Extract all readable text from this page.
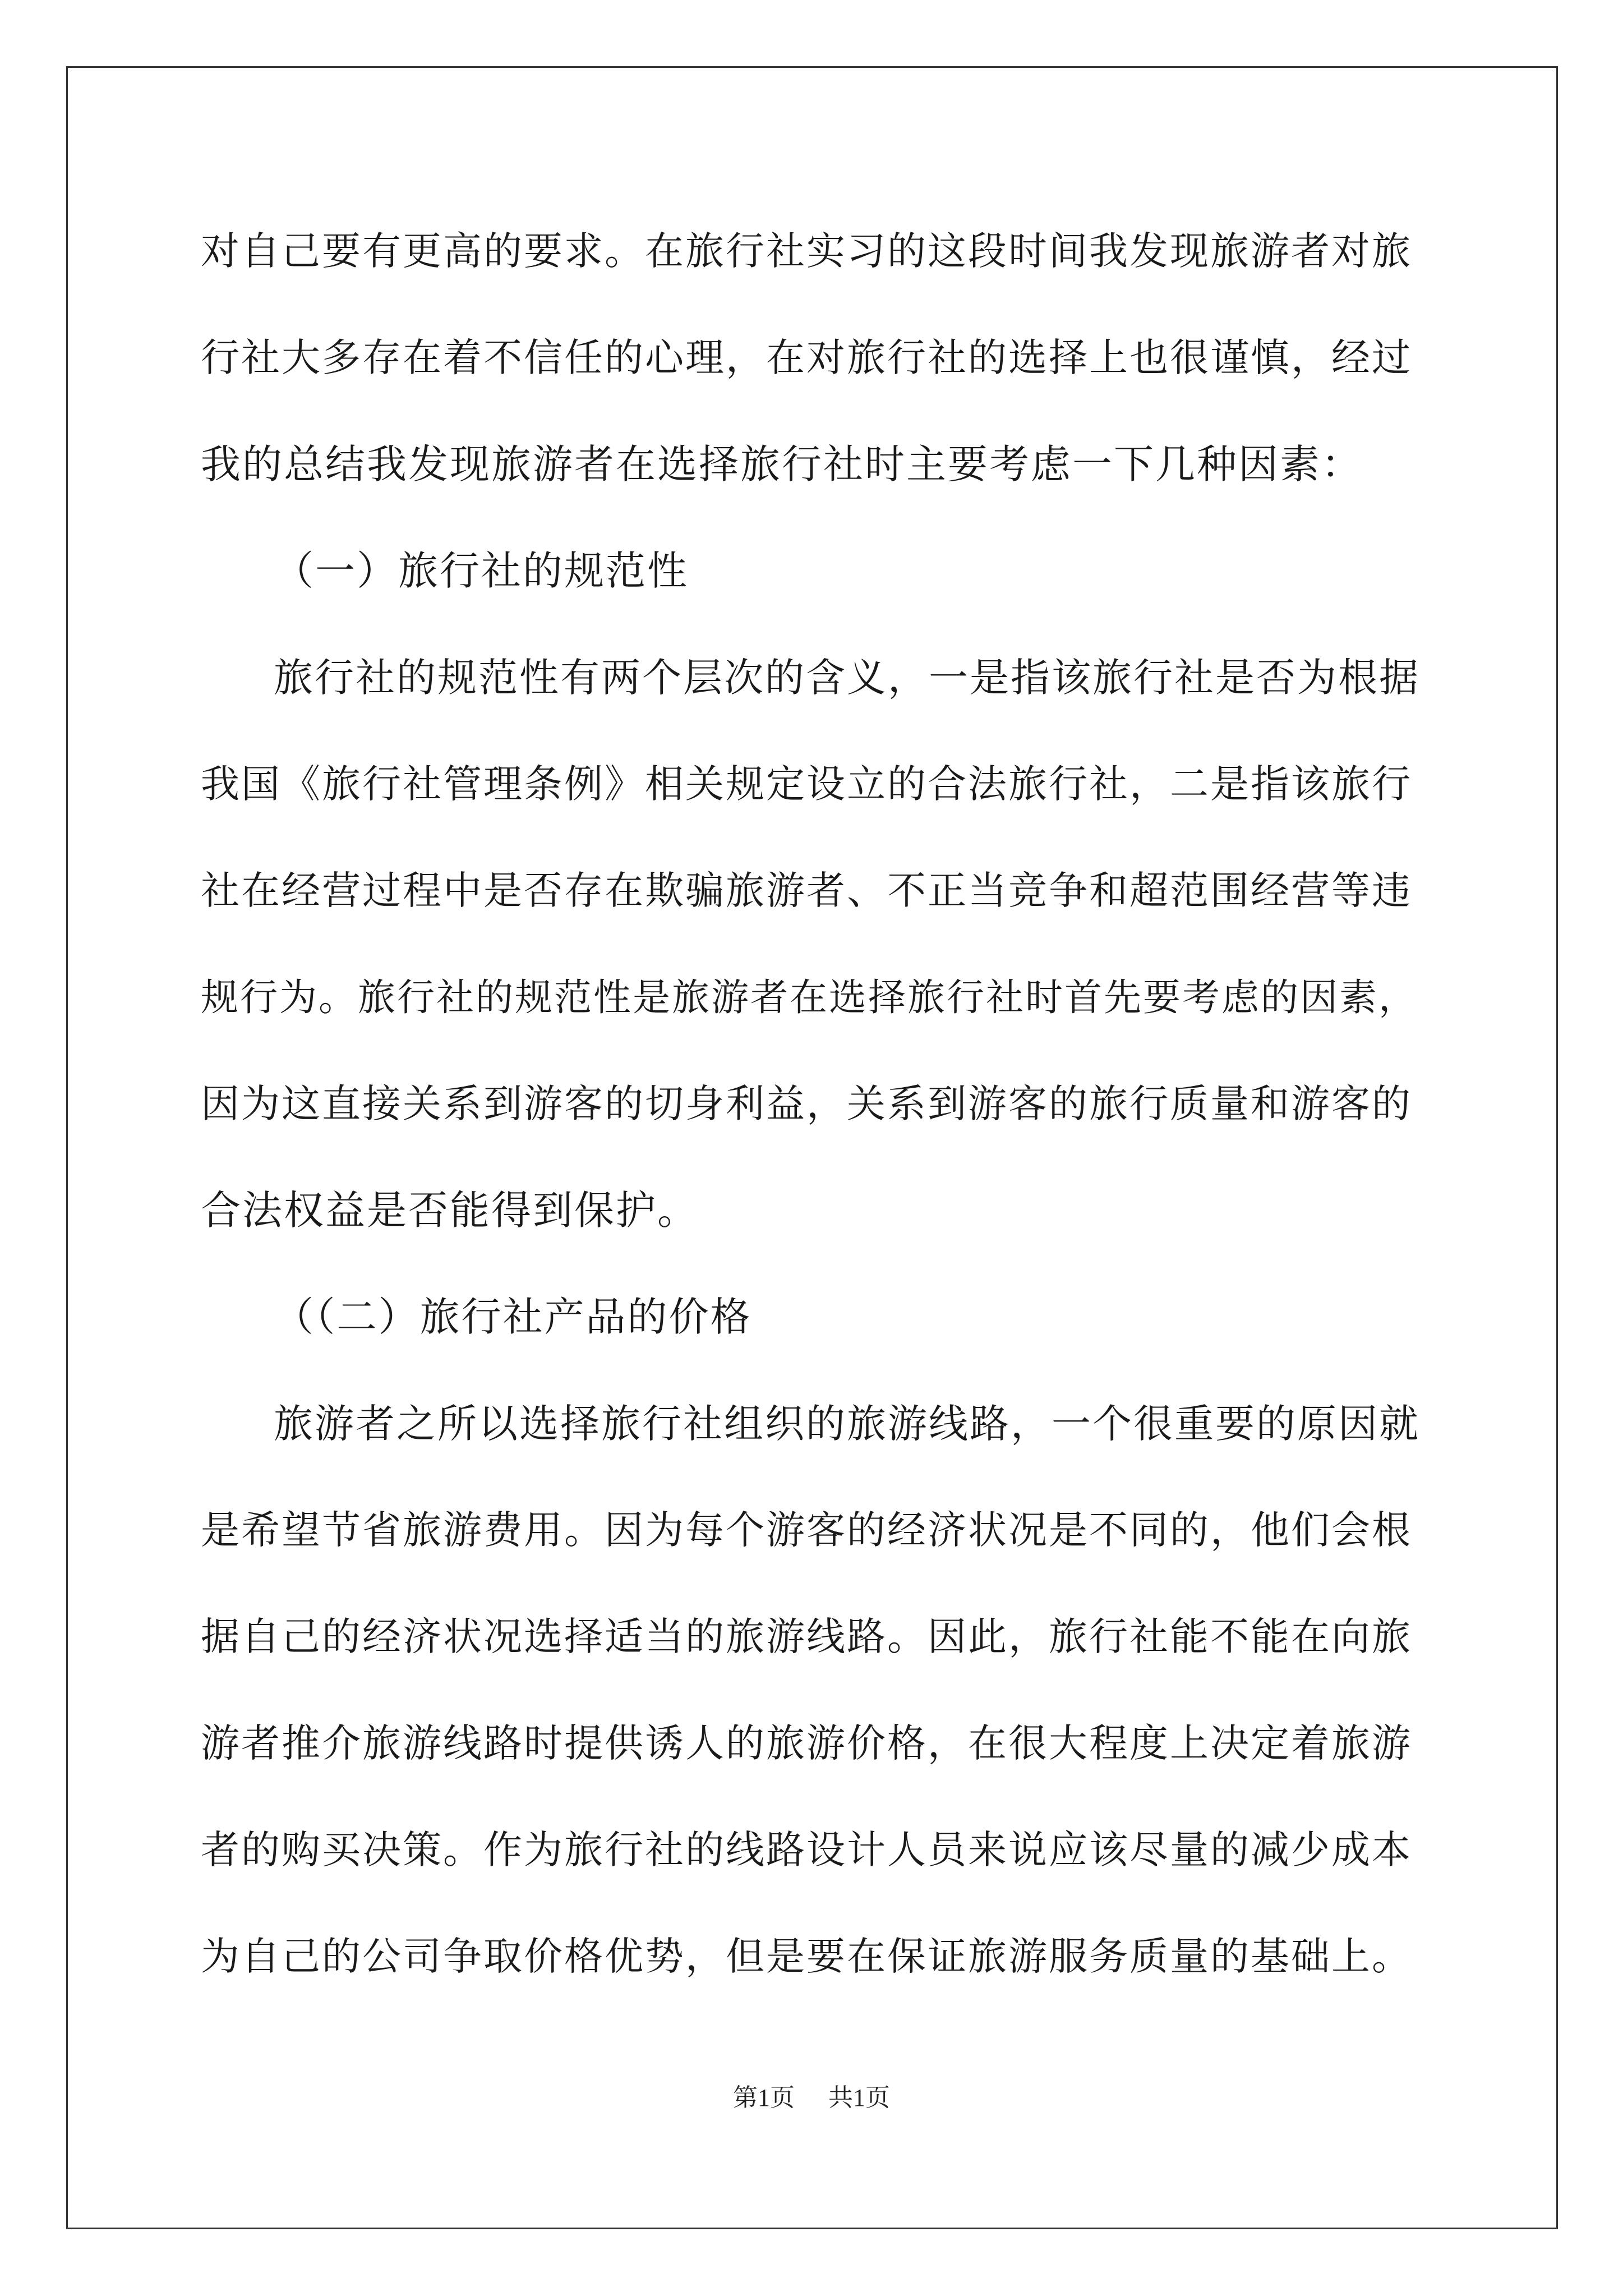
对自己要有更高的要求。在旅行社实习的这段时间我发现旅游者对旅
行社大多存在着不信任的心理，在对旅行社的选择上也很谨慎，经过
我的总结我发现旅游者在选择旅行社时主要考虑一下几种因素：
（一）旅行社的规范性
旅行社的规范性有两个层次的含义，一是指该旅行社是否为根据
我国《旅行社管理条例》相关规定设立的合法旅行社，二是指该旅行
社在经营过程中是否存在欺骗旅游者、不正当竞争和超范围经营等违
规行为。旅行社的规范性是旅游者在选择旅行社时首先要考虑的因素，
因为这直接关系到游客的切身利益，关系到游客的旅行质量和游客的
合法权益是否能得到保护。
（（二）旅行社产品的价格
旅游者之所以选择旅行社组织的旅游线路，一个很重要的原因就
是希望节省旅游费用。因为每个游客的经济状况是不同的，他们会根
据自己的经济状况选择适当的旅游线路。因此，旅行社能不能在向旅
游者推介旅游线路时提供诱人的旅游价格，在很大程度上决定着旅游
者的购买决策。作为旅行社的线路设计人员来说应该尽量的减少成本
为自己的公司争取价格优势，但是要在保证旅游服务质量的基础上。
第1页 共1页
